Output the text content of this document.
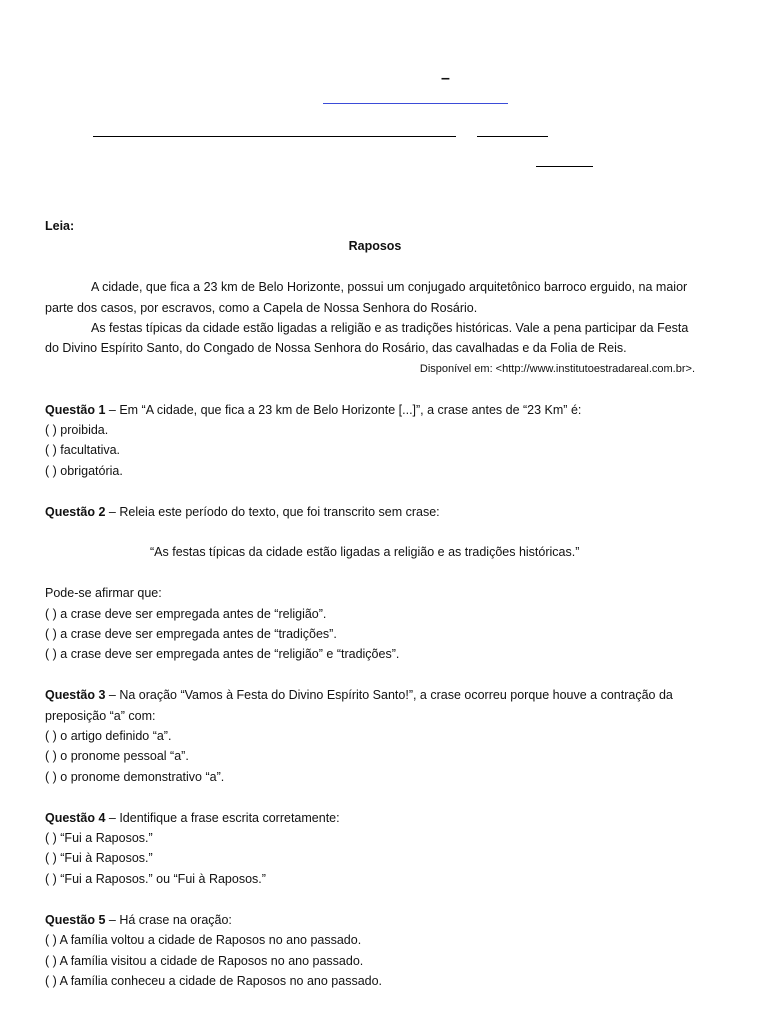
–

Leia:

Raposos

A cidade, que fica a 23 km de Belo Horizonte, possui um conjugado arquitetônico barroco erguido, na maior parte dos casos, por escravos, como a Capela de Nossa Senhora do Rosário.

As festas típicas da cidade estão ligadas a religião e as tradições históricas. Vale a pena participar da Festa do Divino Espírito Santo, do Congado de Nossa Senhora do Rosário, das cavalhadas e da Folia de Reis.

Disponível em: <http://www.institutoestradareal.com.br>.

Questão 1 – Em “A cidade, que fica a 23 km de Belo Horizonte [...]”, a crase antes de “23 Km” é:

( ) proibida.

( ) facultativa.

( ) obrigatória.

Questão 2 – Releia este período do texto, que foi transcrito sem crase:

“As festas típicas da cidade estão ligadas a religião e as tradições históricas.”

Pode-se afirmar que:

( ) a crase deve ser empregada antes de “religião”.

( ) a crase deve ser empregada antes de “tradições”.

( ) a crase deve ser empregada antes de “religião” e “tradições”.

Questão 3 – Na oração “Vamos à Festa do Divino Espírito Santo!”, a crase ocorreu porque houve a contração da preposição “a” com:

( ) o artigo definido “a”.

( ) o pronome pessoal “a”.

( ) o pronome demonstrativo “a”.

Questão 4 – Identifique a frase escrita corretamente:

( ) “Fui a Raposos.”

( ) “Fui à Raposos.”

( ) “Fui a Raposos.” ou “Fui à Raposos.”

Questão 5 – Há crase na oração:

( ) A família voltou a cidade de Raposos no ano passado.

( ) A família visitou a cidade de Raposos no ano passado.

( ) A família conheceu a cidade de Raposos no ano passado.
